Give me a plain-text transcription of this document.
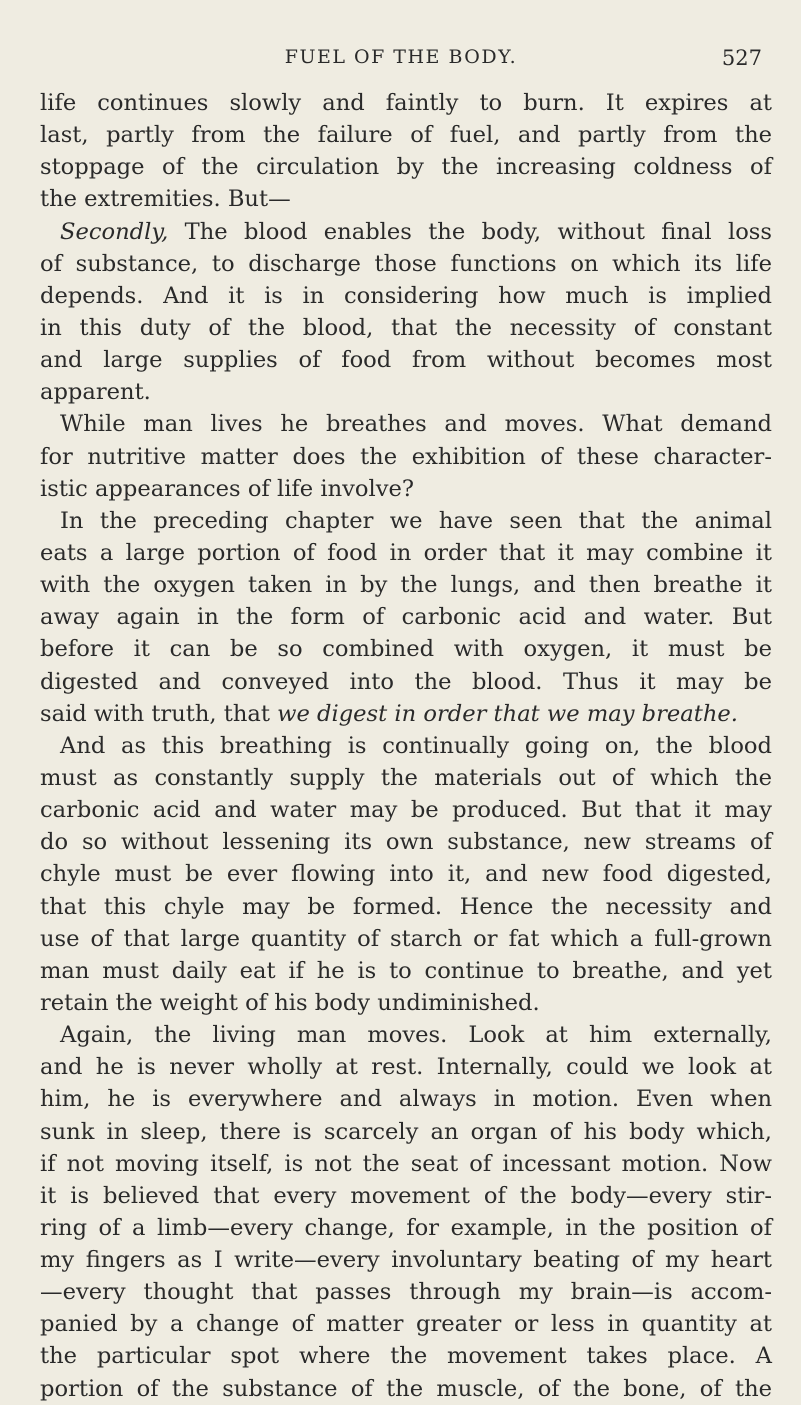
FUEL OF THE BODY.	527
life continues slowly and faintly to burn. It expires at
last, partly from the failure of fuel, and partly from the
stoppage of the circulation by the increasing coldness of
the extremities. But—
Secondly, The blood enables the body, without final loss
of substance, to discharge those functions on which its life
depends. And it is in considering how much is implied
in this duty of the blood, that the necessity of constant
and large supplies of food from without becomes most
apparent.
While man lives he breathes and moves. What demand
for nutritive matter does the exhibition of these character-
istic appearances of life involve?
In the preceding chapter we have seen that the animal
eats a large portion of food in order that it may combine it
with the oxygen taken in by the lungs, and then breathe it
away again in the form of carbonic acid and water. But
before it can be so combined with oxygen, it must be
digested and conveyed into the blood. Thus it may be
said with truth, that we digest in order that we may breathe.
And as this breathing is continually going on, the blood
must as constantly supply the materials out of which the
carbonic acid and water may be produced. But that it may
do so without lessening its own substance, new streams of
chyle must be ever flowing into it, and new food digested,
that this chyle may be formed. Hence the necessity and
use of that large quantity of starch or fat which a full-grown
man must daily eat if he is to continue to breathe, and yet
retain the weight of his body undiminished.
Again, the living man moves. Look at him externally,
and he is never wholly at rest. Internally, could we look at
him, he is everywhere and always in motion. Even when
sunk in sleep, there is scarcely an organ of his body which,
if not moving itself, is not the seat of incessant motion. Now
it is believed that every movement of the body—every stir-
ring of a limb—every change, for example, in the position of
my fingers as I write—every involuntary beating of my heart
—every thought that passes through my brain—is accom-
panied by a change of matter greater or less in quantity at
the particular spot where the movement takes place. A
portion of the substance of the muscle, of the bone, of the
